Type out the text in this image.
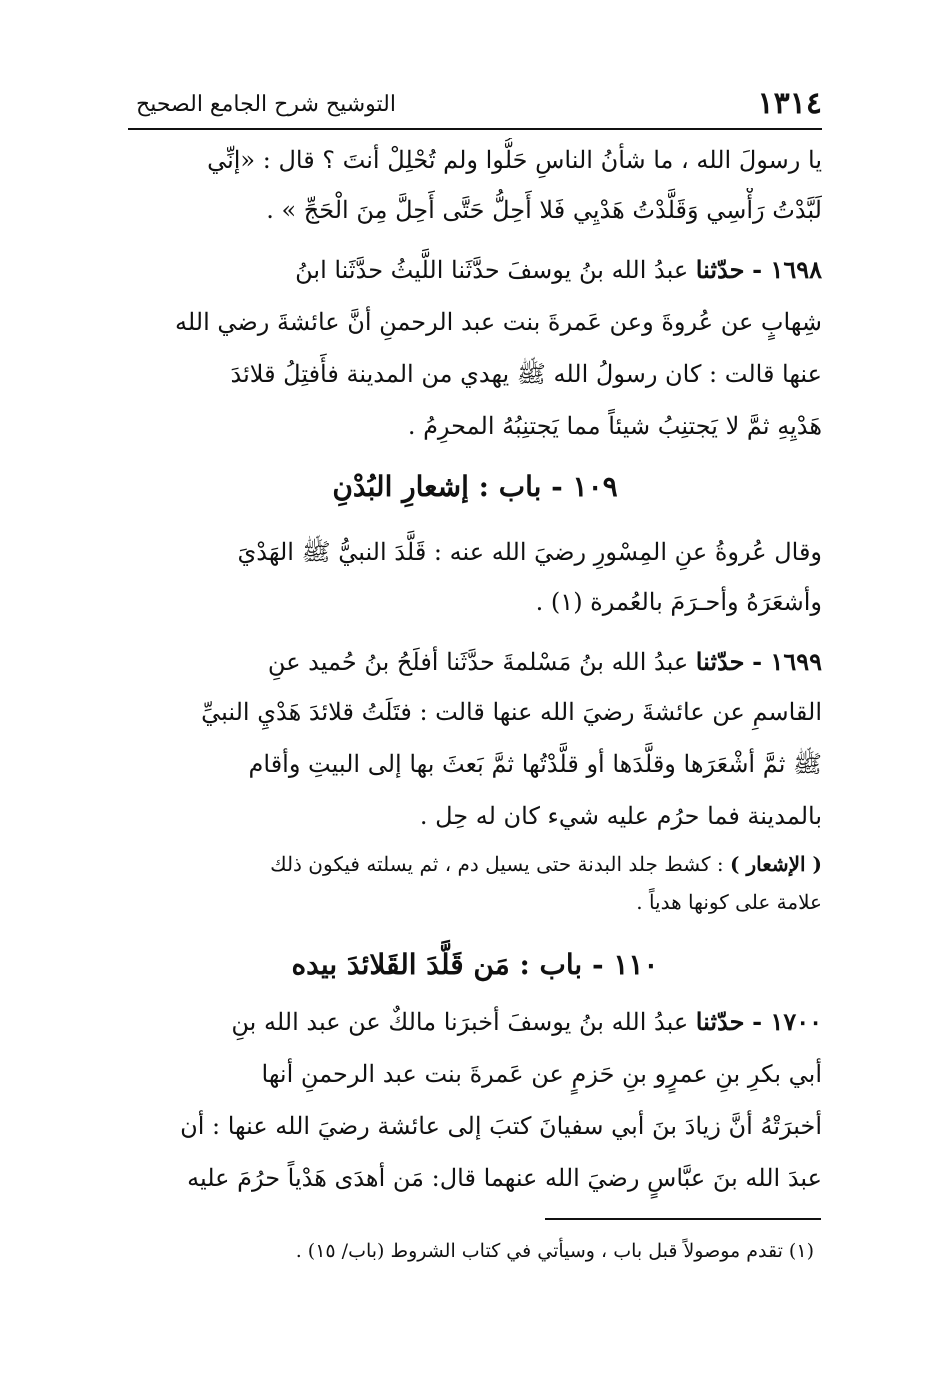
١٣١٤
التوشيح شرح الجامع الصحيح
يا رسولَ الله ، ما شأنُ الناسِ حَلُّوا ولم تُحْلِلْ أنتَ ؟ قال : «إنِّي
لَبَّدْتُ رَأْسِي وَقَلَّدْتُ هَدْيِي فَلا أَحِلُّ حَتَّى أَحِلَّ مِنَ الْحَجِّ » .
١٦٩٨ - حدّثنا عبدُ الله بنُ يوسفَ حدَّثَنا اللَّيثُ حدَّثَنا ابنُ
شِهابٍ عن عُروةَ وعن عَمرةَ بنت عبد الرحمنِ أنَّ عائشةَ رضي الله
عنها قالت : كان رسولُ الله ﷺ يهدي من المدينة فأَفتِلُ قلائدَ
هَدْيِهِ ثمَّ لا يَجتنِبُ شيئاً مما يَجتنِبُهُ المحرِمُ .
وقال عُروةُ عنِ المِسْورِ رضيَ الله عنه : قَلَّدَ النبيُّ ﷺ الهَدْيَ
وأشعَرَهُ وأحـرَمَ بالعُمرة (١) .
١٦٩٩ - حدّثنا عبدُ الله بنُ مَسْلمةَ حدَّثَنا أفلَحُ بنُ حُميد عنِ
القاسمِ عن عائشةَ رضيَ الله عنها قالت : فتَلَتُ قلائدَ هَدْيِ النبيِّ
ﷺ ثمَّ أشْعَرَها وقلَّدَها أو قلَّدْتُها ثمَّ بَعثَ بها إلى البيتِ وأقام
بالمدينة فما حرُم عليه شيء كان له حِل .
( الإشعار ) : كشط جلد البدنة حتى يسيل دم ، ثم يسلته فيكون ذلك
علامة على كونها هدياً .
١٧٠٠ - حدّثنا عبدُ الله بنُ يوسفَ أخبرَنا مالكٌ عن عبد الله بنِ
أبي بكرِ بنِ عمرٍو بنِ حَزمٍ عن عَمرةَ بنت عبد الرحمنِ أنها
أخبرَتْهُ أنَّ زيادَ بنَ أبي سفيانَ كتبَ إلى عائشة رضيَ الله عنها : أن
عبدَ الله بنَ عبَّاسٍ رضيَ الله عنهما قال: مَن أهدَى هَدْياً حرُمَ عليه
١٠٩ - باب : إشعارِ البُدْنِ
١١٠ - باب : مَن قَلَّدَ القَلائدَ بيده
(١) تقدم موصولاً قبل باب ، وسيأتي في كتاب الشروط (باب/ ١٥) .
